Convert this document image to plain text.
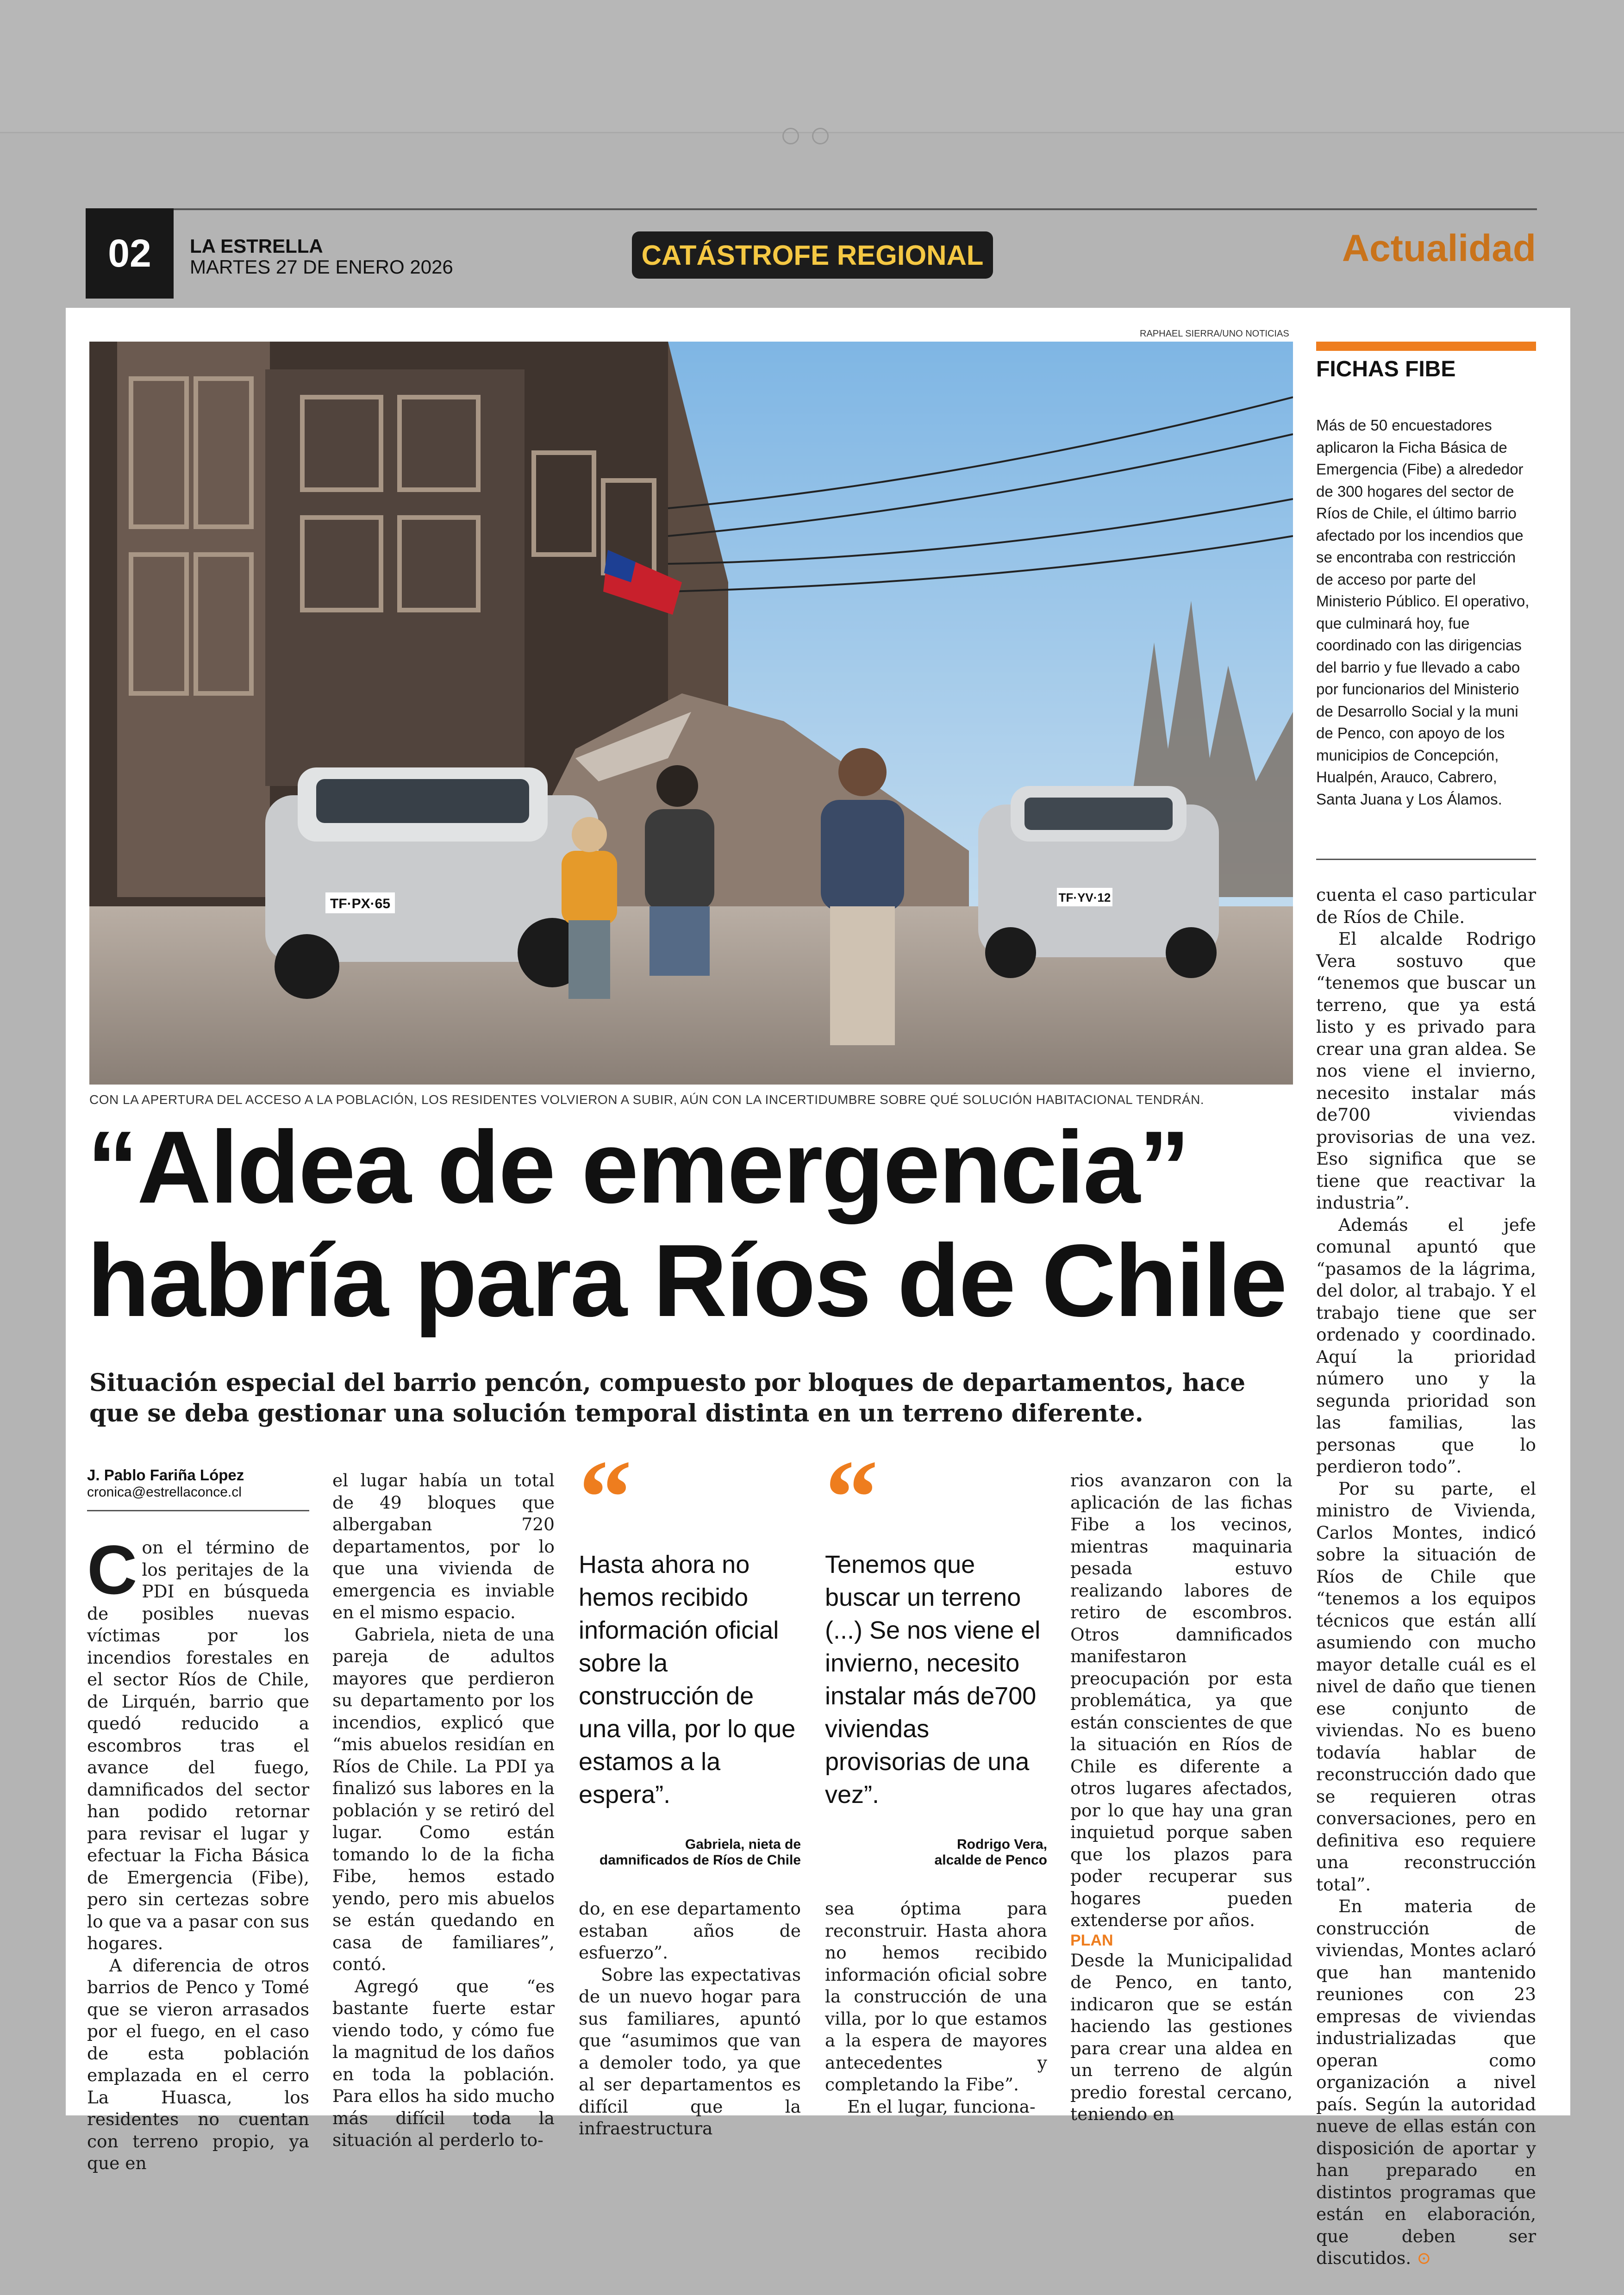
02	LA ESTRELLA
MARTES 27 DE ENERO 2026	CATÁSTROFE REGIONAL	Actualidad
RAPHAEL SIERRA/UNO NOTICIAS
TF·PX·65	TF·YV·12
CON LA APERTURA DEL ACCESO A LA POBLACIÓN, LOS RESIDENTES VOLVIERON A SUBIR, AÚN CON LA INCERTIDUMBRE SOBRE QUÉ SOLUCIÓN HABITACIONAL TENDRÁN.
“Aldea de emergencia”
habría para Ríos de Chile
Situación especial del barrio pencón, compuesto por bloques de departamentos, hace que se deba gestionar una solución temporal distinta en un terreno diferente.
FICHAS FIBE
Más de 50 encuestadores aplicaron la Ficha Básica de Emergencia (Fibe) a alrededor de 300 hogares del sector de Ríos de Chile, el último barrio afectado por los incendios que se encontraba con restricción de acceso por parte del Ministerio Público. El operativo, que culminará hoy, fue coordinado con las dirigencias del barrio y fue llevado a cabo por funcionarios del Ministerio de Desarrollo Social y la muni de Penco, con apoyo de los municipios de Concepción, Hualpén, Arauco, Cabrero, Santa Juana y Los Álamos.
J. Pablo Fariña López
cronica@estrellaconce.cl

Con el término de los peritajes de la PDI en búsqueda de posibles nuevas víctimas por los incendios forestales en el sector Ríos de Chile, de Lirquén, barrio que quedó reducido a escombros tras el avance del fuego, damnificados del sector han podido retornar para revisar el lugar y efectuar la Ficha Básica de Emergencia (Fibe), pero sin certezas sobre lo que va a pasar con sus hogares.

A diferencia de otros barrios de Penco y Tomé que se vieron arrasados por el fuego, en el caso de esta población emplazada en el cerro La Huasca, los residentes no cuentan con terreno propio, ya que en

el lugar había un total de 49 bloques que albergaban 720 departamentos, por lo que una vivienda de emergencia es inviable en el mismo espacio.

Gabriela, nieta de una pareja de adultos mayores que perdieron su departamento por los incendios, explicó que “mis abuelos residían en Ríos de Chile. La PDI ya finalizó sus labores en la población y se retiró del lugar. Como están tomando lo de la ficha Fibe, hemos estado yendo, pero mis abuelos se están quedando en casa de familiares”, contó.

Agregó que “es bastante fuerte estar viendo todo, y cómo fue la magnitud de los daños en toda la población. Para ellos ha sido mucho más difícil toda la situación al perderlo to-

“
Hasta ahora no hemos recibido información oficial sobre la construcción de una villa, por lo que estamos a la espera”.
Gabriela, nieta de
damnificados de Ríos de Chile

do, en ese departamento estaban años de esfuerzo”.

Sobre las expectativas de un nuevo hogar para sus familiares, apuntó que “asumimos que van a demoler todo, ya que al ser departamentos es difícil que la infraestructura

“
Tenemos que buscar un terreno (...) Se nos viene el invierno, necesito instalar más de700 viviendas provisorias de una vez”.
Rodrigo Vera,
alcalde de Penco

sea óptima para reconstruir. Hasta ahora no hemos recibido información oficial sobre la construcción de una villa, por lo que estamos a la espera de mayores antecedentes y completando la Fibe”.

En el lugar, funciona-

rios avanzaron con la aplicación de las fichas Fibe a los vecinos, mientras maquinaria pesada estuvo realizando labores de retiro de escombros. Otros damnificados manifestaron preocupación por esta problemática, ya que están conscientes de que la situación en Ríos de Chile es diferente a otros lugares afectados, por lo que hay una gran inquietud porque saben que los plazos para poder recuperar sus hogares pueden extenderse por años.

PLAN

Desde la Municipalidad de Penco, en tanto, indicaron que se están haciendo las gestiones para crear una aldea en un terreno de algún predio forestal cercano, teniendo en

cuenta el caso particular de Ríos de Chile.

El alcalde Rodrigo Vera sostuvo que “tenemos que buscar un terreno, que ya está listo y es privado para crear una gran aldea. Se nos viene el invierno, necesito instalar más de700 viviendas provisorias de una vez. Eso significa que se tiene que reactivar la industria”.

Además el jefe comunal apuntó que “pasamos de la lágrima, del dolor, al trabajo. Y el trabajo tiene que ser ordenado y coordinado. Aquí la prioridad número uno y la segunda prioridad son las familias, las personas que lo perdieron todo”.

Por su parte, el ministro de Vivienda, Carlos Montes, indicó sobre la situación de Ríos de Chile que “tenemos a los equipos técnicos que están allí asumiendo con mucho mayor detalle cuál es el nivel de daño que tienen ese conjunto de viviendas. No es bueno todavía hablar de reconstrucción dado que se requieren otras conversaciones, pero en definitiva eso requiere una reconstrucción total”.

En materia de construcción de viviendas, Montes aclaró que han mantenido reuniones con 23 empresas de viviendas industrializadas que operan como organización a nivel país. Según la autoridad nueve de ellas están con disposición de aportar y han preparado en distintos programas que están en elaboración, que deben ser discutidos. ⊙
